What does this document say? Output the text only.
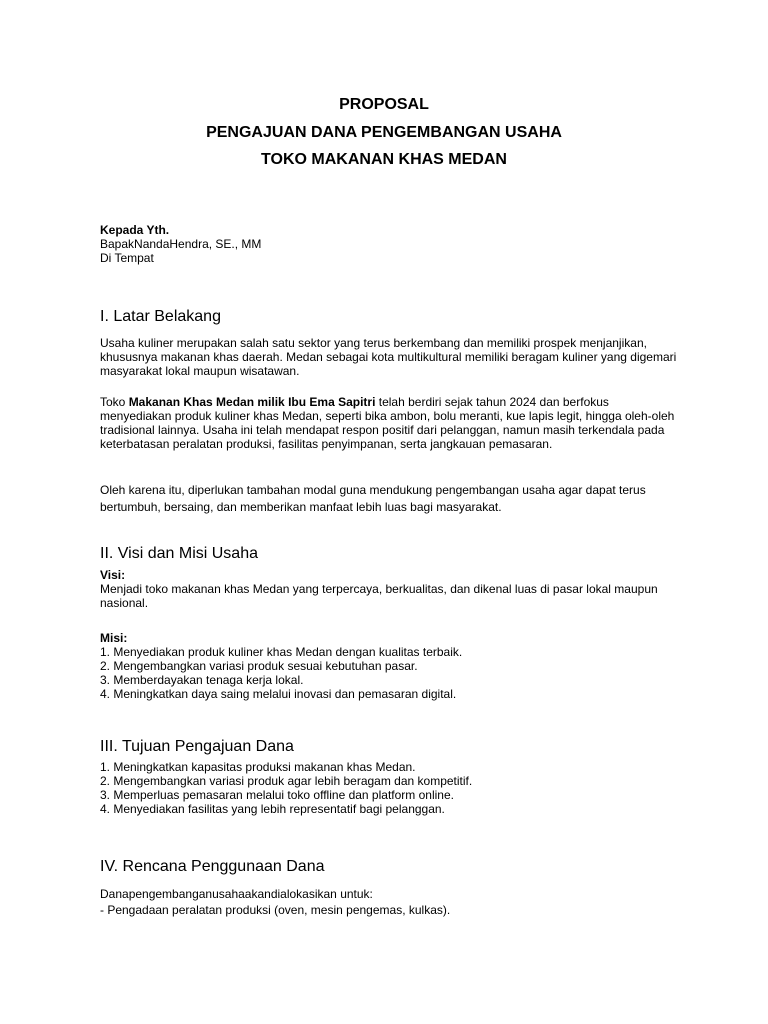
PROPOSAL
PENGAJUAN DANA PENGEMBANGAN USAHA
TOKO MAKANAN KHAS MEDAN

Kepada Yth.

BapakNandaHendra, SE., MM

Di Tempat

I. Latar Belakang

Usaha kuliner merupakan salah satu sektor yang terus berkembang dan memiliki prospek menjanjikan, khususnya makanan khas daerah. Medan sebagai kota multikultural memiliki beragam kuliner yang digemari masyarakat lokal maupun wisatawan.

Toko Makanan Khas Medan milik Ibu Ema Sapitri telah berdiri sejak tahun 2024 dan berfokus menyediakan produk kuliner khas Medan, seperti bika ambon, bolu meranti, kue lapis legit, hingga oleh-oleh tradisional lainnya. Usaha ini telah mendapat respon positif dari pelanggan, namun masih terkendala pada keterbatasan peralatan produksi, fasilitas penyimpanan, serta jangkauan pemasaran.

Oleh karena itu, diperlukan tambahan modal guna mendukung pengembangan usaha agar dapat terus bertumbuh, bersaing, dan memberikan manfaat lebih luas bagi masyarakat.

II. Visi dan Misi Usaha

Visi:

Menjadi toko makanan khas Medan yang terpercaya, berkualitas, dan dikenal luas di pasar lokal maupun nasional.

Misi:

1. Menyediakan produk kuliner khas Medan dengan kualitas terbaik.
2. Mengembangkan variasi produk sesuai kebutuhan pasar.
3. Memberdayakan tenaga kerja lokal.
4. Meningkatkan daya saing melalui inovasi dan pemasaran digital.
III. Tujuan Pengajuan Dana
1. Meningkatkan kapasitas produksi makanan khas Medan.
2. Mengembangkan variasi produk agar lebih beragam dan kompetitif.
3. Memperluas pemasaran melalui toko offline dan platform online.
4. Menyediakan fasilitas yang lebih representatif bagi pelanggan.
IV. Rencana Penggunaan Dana

Danapengembanganusahaakandialokasikan untuk:

- Pengadaan peralatan produksi (oven, mesin pengemas, kulkas).
